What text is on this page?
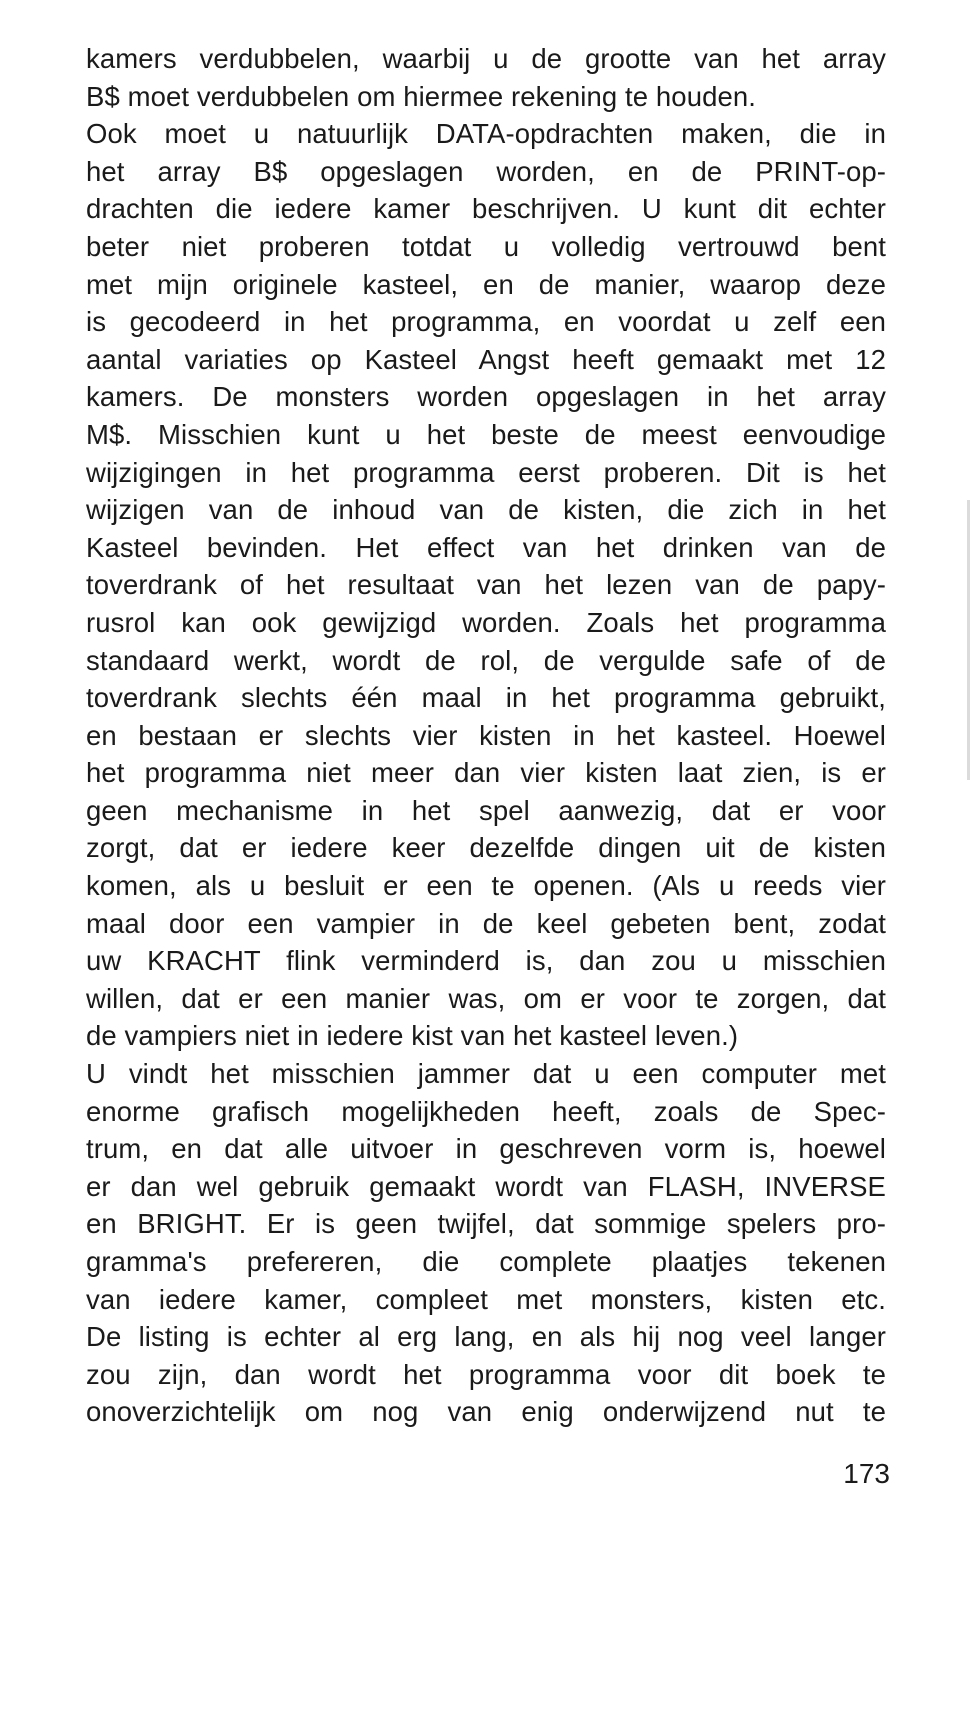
kamers verdubbelen, waarbij u de grootte van het array
B$ moet verdubbelen om hiermee rekening te houden.
Ook moet u natuurlijk DATA-opdrachten maken, die in
het array B$ opgeslagen worden, en de PRINT-op-
drachten die iedere kamer beschrijven. U kunt dit echter
beter niet proberen totdat u volledig vertrouwd bent
met mijn originele kasteel, en de manier, waarop deze
is gecodeerd in het programma, en voordat u zelf een
aantal variaties op Kasteel Angst heeft gemaakt met 12
kamers. De monsters worden opgeslagen in het array
M$. Misschien kunt u het beste de meest eenvoudige
wijzigingen in het programma eerst proberen. Dit is het
wijzigen van de inhoud van de kisten, die zich in het
Kasteel bevinden. Het effect van het drinken van de
toverdrank of het resultaat van het lezen van de papy-
rusrol kan ook gewijzigd worden. Zoals het programma
standaard werkt, wordt de rol, de vergulde safe of de
toverdrank slechts één maal in het programma gebruikt,
en bestaan er slechts vier kisten in het kasteel. Hoewel
het programma niet meer dan vier kisten laat zien, is er
geen mechanisme in het spel aanwezig, dat er voor
zorgt, dat er iedere keer dezelfde dingen uit de kisten
komen, als u besluit er een te openen. (Als u reeds vier
maal door een vampier in de keel gebeten bent, zodat
uw KRACHT flink verminderd is, dan zou u misschien
willen, dat er een manier was, om er voor te zorgen, dat
de vampiers niet in iedere kist van het kasteel leven.)
U vindt het misschien jammer dat u een computer met
enorme grafisch mogelijkheden heeft, zoals de Spec-
trum, en dat alle uitvoer in geschreven vorm is, hoewel
er dan wel gebruik gemaakt wordt van FLASH, INVERSE
en BRIGHT. Er is geen twijfel, dat sommige spelers pro-
gramma's prefereren, die complete plaatjes tekenen
van iedere kamer, compleet met monsters, kisten etc.
De listing is echter al erg lang, en als hij nog veel langer
zou zijn, dan wordt het programma voor dit boek te
onoverzichtelijk om nog van enig onderwijzend nut te
173
